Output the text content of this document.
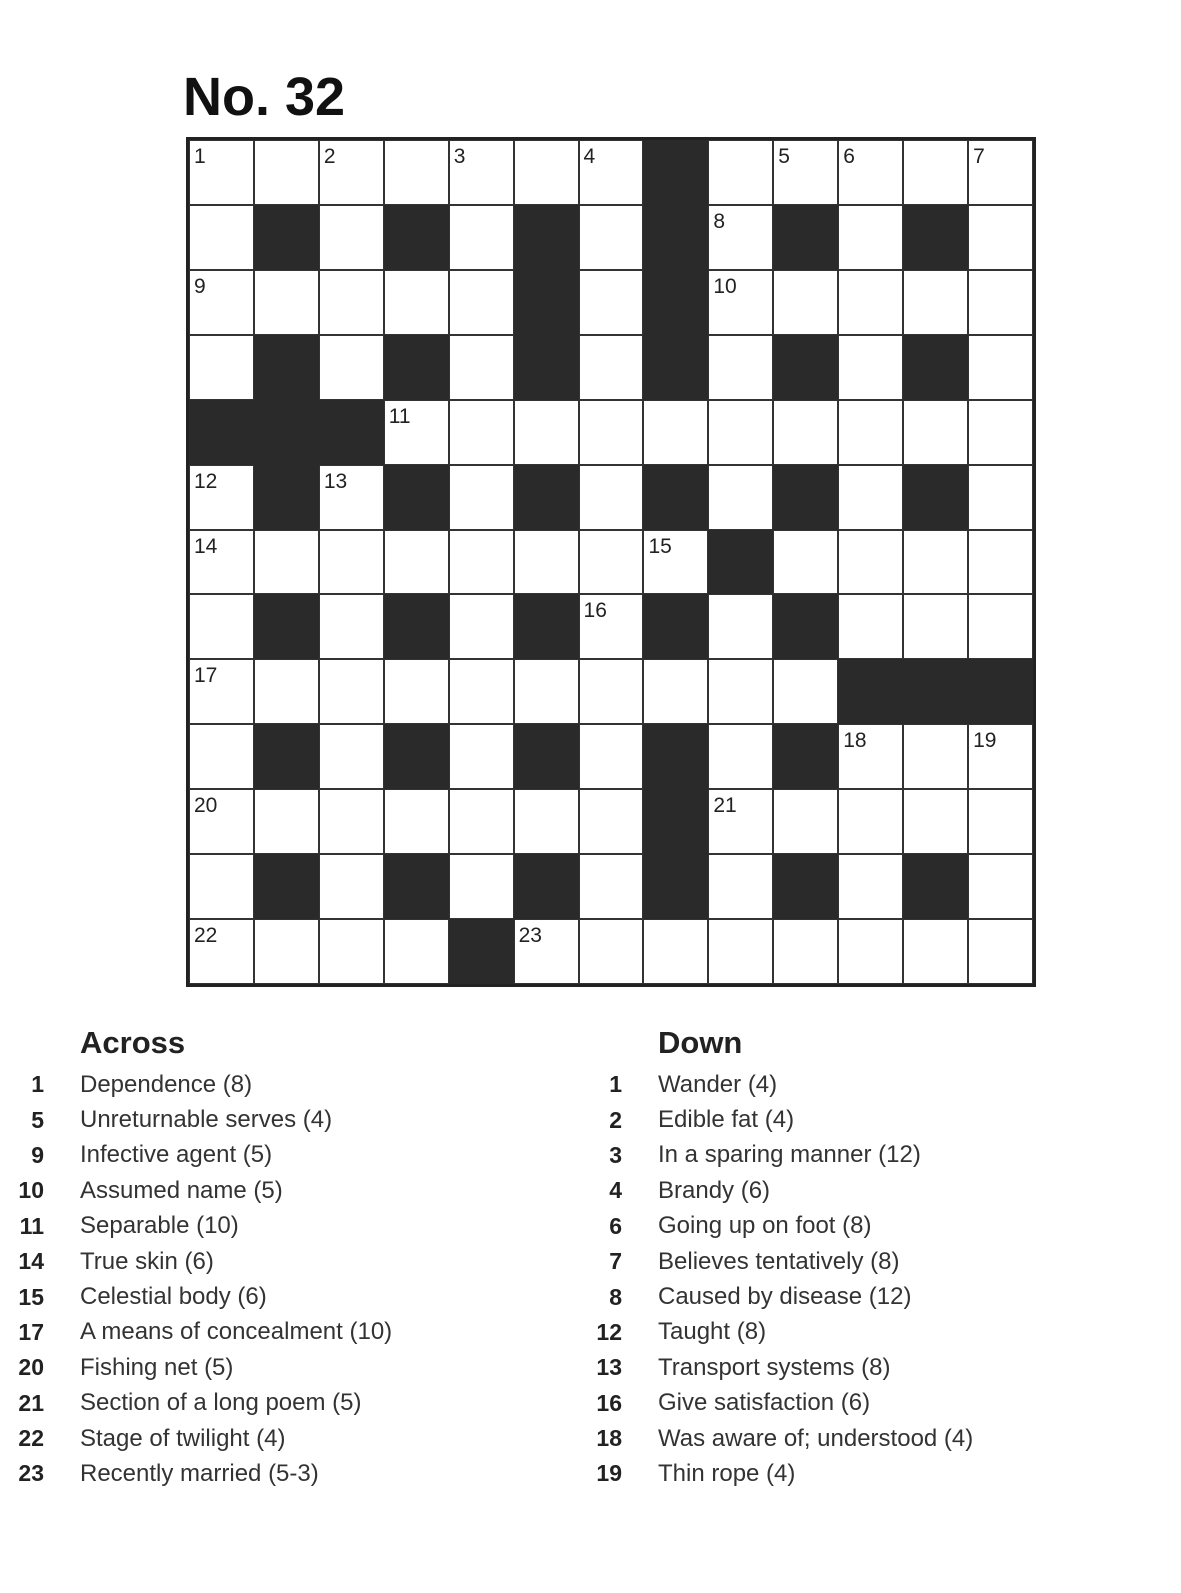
No. 32
1	2	3	4	5	6	7
8
9	10
11
12	13
14	15
16
17
18	19
20	21
22	23
Across
1 Dependence (8)
5 Unreturnable serves (4)
9 Infective agent (5)
10 Assumed name (5)
11 Separable (10)
14 True skin (6)
15 Celestial body (6)
17 A means of concealment (10)
20 Fishing net (5)
21 Section of a long poem (5)
22 Stage of twilight (4)
23 Recently married (5-3)
Down
1 Wander (4)
2 Edible fat (4)
3 In a sparing manner (12)
4 Brandy (6)
6 Going up on foot (8)
7 Believes tentatively (8)
8 Caused by disease (12)
12 Taught (8)
13 Transport systems (8)
16 Give satisfaction (6)
18 Was aware of; understood (4)
19 Thin rope (4)
